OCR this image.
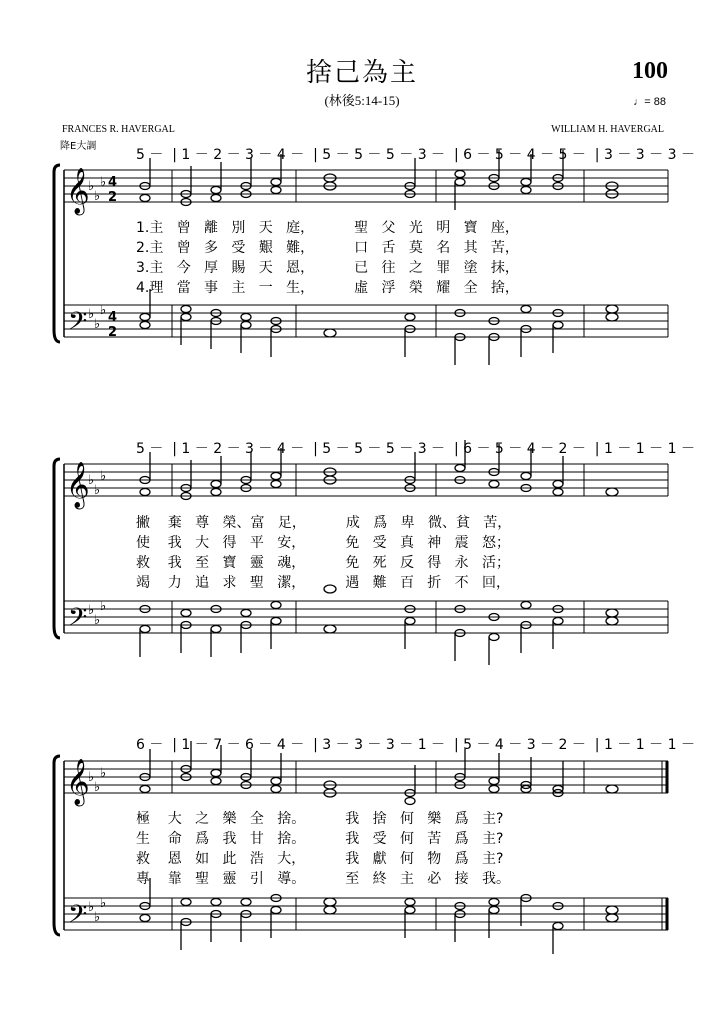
捨己為主
(林後5:14-15)
100
♩= 88
FRANCES R. HAVERGAL	WILLIAM H. HAVERGAL
降E大調
5 －  | 1 － 2 － 3 － 4 －  | 5 － 5 － 5 － 3 －  | 6 － 5 － 4 － 5 －  | 3 － 3 － 3 －
1.主   曾   離   別   天   庭，         聖   父   光   明   寶   座，
2.主   曾   多   受   艱   難，         口   舌   莫   名   其   苦，
3.主   今   厚   賜   天   恩，         已   往   之   罪   塗   抹，
4.理   當   事   主   一   生，         虛   浮   榮   耀   全   捨，
5 －  | 1 － 2 － 3 － 4 －  | 5 － 5 － 5 － 3 －  | 6 － 5 － 4 － 2 －  | 1 － 1 － 1 －
撇    棄   尊   榮、富   足，         成   爲   卑   微、貧   苦，
使    我   大   得   平   安，         免   受   真   神   震   怒；
救    我   至   寶   靈   魂，         免   死   反   得   永   活；
竭    力   追   求   聖   潔，         遇   難   百   折   不   回，
6 －  | 1 － 7 － 6 － 4 －  | 3 － 3 － 3 － 1 －  | 5 － 4 － 3 － 2 －  | 1 － 1 － 1 －
極    大   之   樂   全   捨。         我   捨   何   樂   爲   主?
生    命   爲   我   甘   捨。         我   受   何   苦   爲   主?
救    恩   如   此   浩   大，         我   獻   何   物   爲   主?
專    靠   聖   靈   引   導。         至   終   主   必   接   我。
𝄞
𝄢
♭
♭
♭
♭
♭
♭
4
2
4
2
𝄞
𝄢
♭
♭
♭
♭
♭
♭
𝄞
𝄢
♭
♭
♭
♭
♭
♭
